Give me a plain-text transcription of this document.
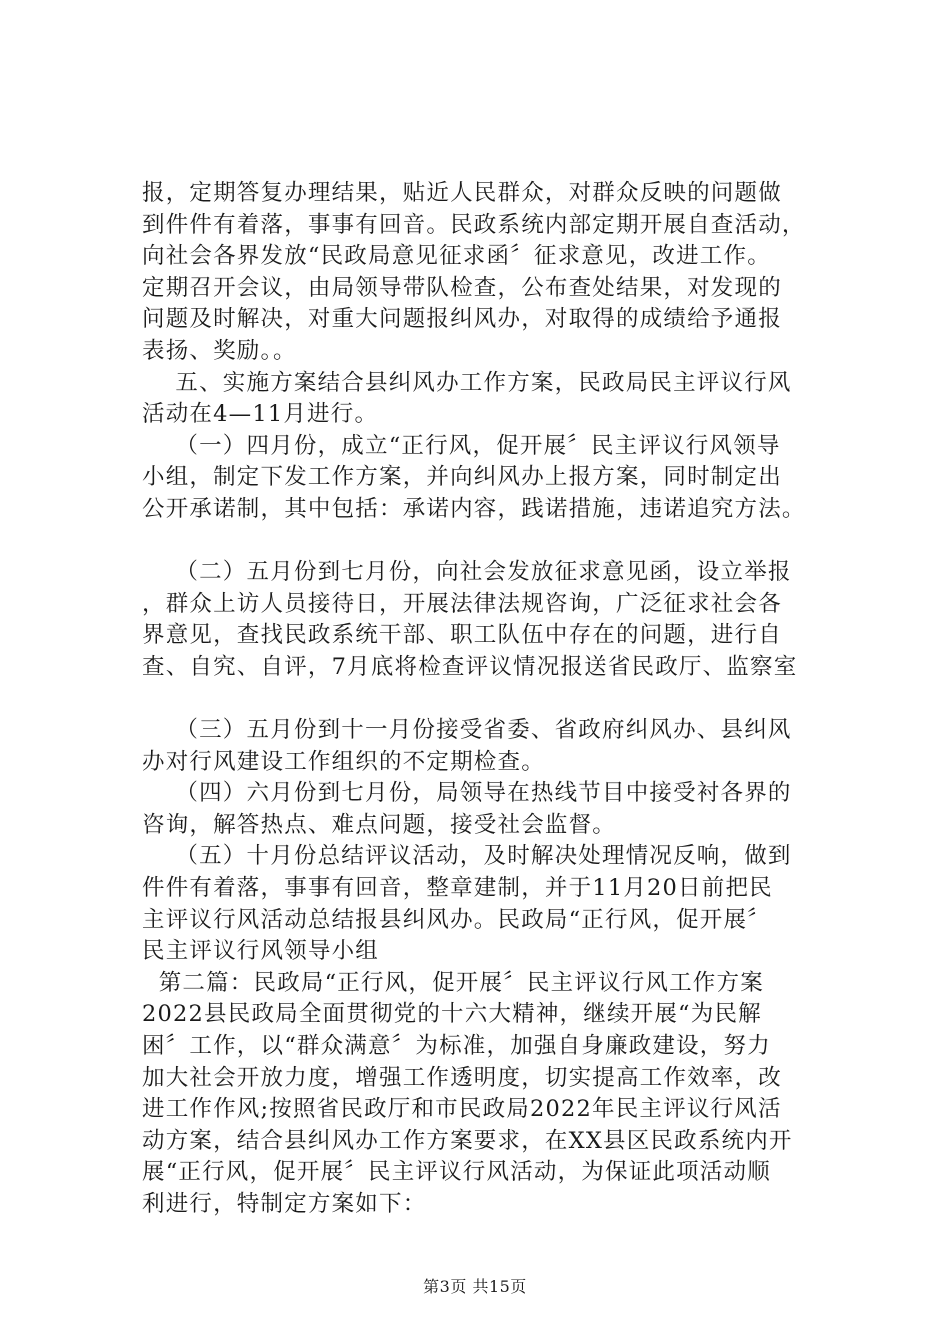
报，定期答复办理结果，贴近人民群众，对群众反映的问题做
到件件有着落，事事有回音。民政系统内部定期开展自查活动，
向社会各界发放“民政局意见征求函〞征求意见，改进工作。
定期召开会议，由局领导带队检查，公布查处结果，对发现的
问题及时解决，对重大问题报纠风办，对取得的成绩给予通报
表扬、奖励。。
五、实施方案结合县纠风办工作方案，民政局民主评议行风
活动在4—11月进行。
（一）四月份，成立“正行风，促开展〞民主评议行风领导
小组，制定下发工作方案，并向纠风办上报方案，同时制定出
公开承诺制，其中包括：承诺内容，践诺措施，违诺追究方法。
（二）五月份到七月份，向社会发放征求意见函，设立举报
，群众上访人员接待日，开展法律法规咨询，广泛征求社会各
界意见，查找民政系统干部、职工队伍中存在的问题，进行自
查、自究、自评，7月底将检查评议情况报送省民政厅、监察室
（三）五月份到十一月份接受省委、省政府纠风办、县纠风
办对行风建设工作组织的不定期检查。
（四）六月份到七月份，局领导在热线节目中接受衬各界的
咨询，解答热点、难点问题，接受社会监督。
（五）十月份总结评议活动，及时解决处理情况反响，做到
件件有着落，事事有回音，整章建制，并于11月20日前把民
主评议行风活动总结报县纠风办。民政局“正行风，促开展〞
民主评议行风领导小组
第二篇：民政局“正行风，促开展〞民主评议行风工作方案
2022县民政局全面贯彻党的十六大精神，继续开展“为民解
困〞工作，以“群众满意〞为标准，加强自身廉政建设，努力
加大社会开放力度，增强工作透明度，切实提高工作效率，改
进工作作风;按照省民政厅和市民政局2022年民主评议行风活
动方案，结合县纠风办工作方案要求，在XX县区民政系统内开
展“正行风，促开展〞民主评议行风活动，为保证此项活动顺
利进行，特制定方案如下：
第3页 共15页
